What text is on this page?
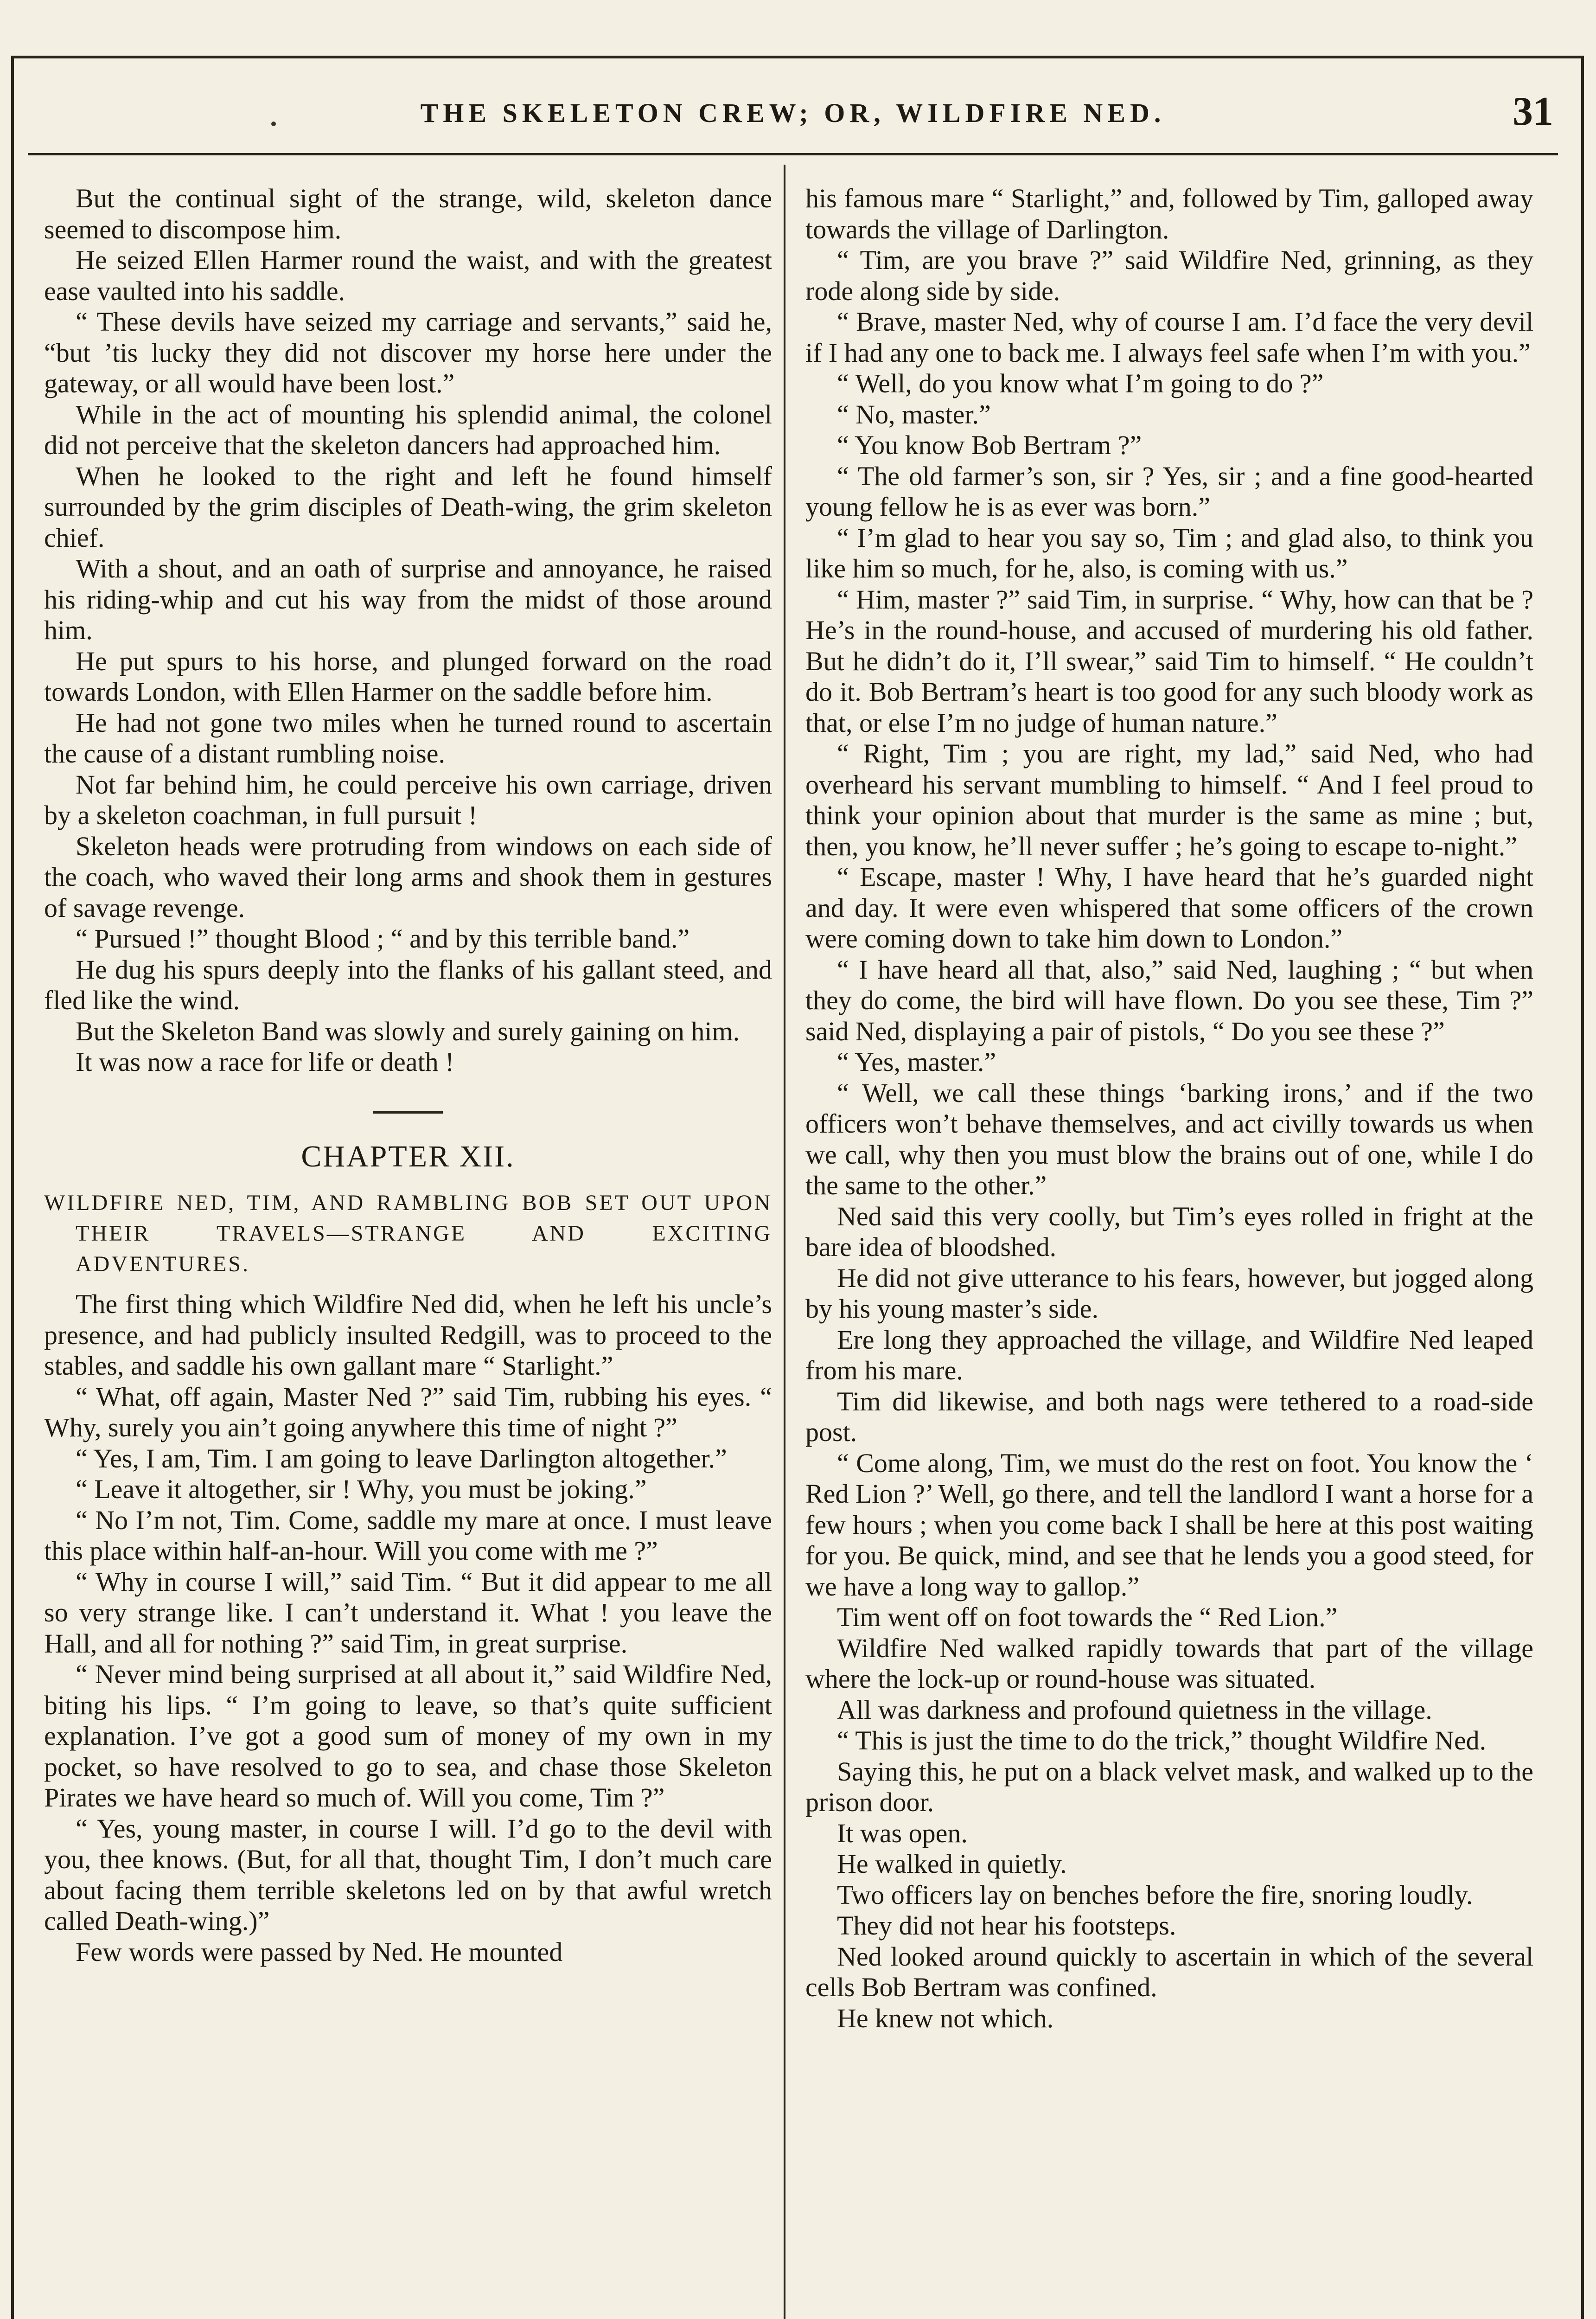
THE SKELETON CREW; OR, WILDFIRE NED.	31

But the continual sight of the strange, wild, skeleton dance seemed to discompose him.

He seized Ellen Harmer round the waist, and with the greatest ease vaulted into his saddle.

“ These devils have seized my carriage and servants,” said he, “but ’tis lucky they did not discover my horse here under the gateway, or all would have been lost.”

While in the act of mounting his splendid animal, the colonel did not perceive that the skeleton dancers had approached him.

When he looked to the right and left he found himself surrounded by the grim disciples of Death-wing, the grim skeleton chief.

With a shout, and an oath of surprise and annoyance, he raised his riding-whip and cut his way from the midst of those around him.

He put spurs to his horse, and plunged forward on the road towards London, with Ellen Harmer on the saddle before him.

He had not gone two miles when he turned round to ascertain the cause of a distant rumbling noise.

Not far behind him, he could perceive his own carriage, driven by a skeleton coachman, in full pursuit !

Skeleton heads were protruding from windows on each side of the coach, who waved their long arms and shook them in gestures of savage revenge.

“ Pursued !” thought Blood ; “ and by this terrible band.”

He dug his spurs deeply into the flanks of his gallant steed, and fled like the wind.

But the Skeleton Band was slowly and surely gaining on him.

It was now a race for life or death !

CHAPTER XII.
WILDFIRE NED, TIM, AND RAMBLING BOB SET OUT UPON THEIR TRAVELS—STRANGE AND EXCITING ADVENTURES.

The first thing which Wildfire Ned did, when he left his uncle’s presence, and had publicly insulted Redgill, was to proceed to the stables, and saddle his own gallant mare “ Starlight.”

“ What, off again, Master Ned ?” said Tim, rubbing his eyes. “ Why, surely you ain’t going anywhere this time of night ?”

“ Yes, I am, Tim. I am going to leave Darlington altogether.”

“ Leave it altogether, sir ! Why, you must be joking.”

“ No I’m not, Tim. Come, saddle my mare at once. I must leave this place within half-an-hour. Will you come with me ?”

“ Why in course I will,” said Tim. “ But it did appear to me all so very strange like. I can’t understand it. What ! you leave the Hall, and all for nothing ?” said Tim, in great surprise.

“ Never mind being surprised at all about it,” said Wildfire Ned, biting his lips. “ I’m going to leave, so that’s quite sufficient explanation. I’ve got a good sum of money of my own in my pocket, so have resolved to go to sea, and chase those Skeleton Pirates we have heard so much of. Will you come, Tim ?”

“ Yes, young master, in course I will. I’d go to the devil with you, thee knows. (But, for all that, thought Tim, I don’t much care about facing them terrible skeletons led on by that awful wretch called Death-wing.)”

Few words were passed by Ned. He mounted

his famous mare “ Starlight,” and, followed by Tim, galloped away towards the village of Darlington.

“ Tim, are you brave ?” said Wildfire Ned, grinning, as they rode along side by side.

“ Brave, master Ned, why of course I am. I’d face the very devil if I had any one to back me. I always feel safe when I’m with you.”

“ Well, do you know what I’m going to do ?”

“ No, master.”

“ You know Bob Bertram ?”

“ The old farmer’s son, sir ? Yes, sir ; and a fine good-hearted young fellow he is as ever was born.”

“ I’m glad to hear you say so, Tim ; and glad also, to think you like him so much, for he, also, is coming with us.”

“ Him, master ?” said Tim, in surprise. “ Why, how can that be ? He’s in the round-house, and accused of murdering his old father. But he didn’t do it, I’ll swear,” said Tim to himself. “ He couldn’t do it. Bob Bertram’s heart is too good for any such bloody work as that, or else I’m no judge of human nature.”

“ Right, Tim ; you are right, my lad,” said Ned, who had overheard his servant mumbling to himself. “ And I feel proud to think your opinion about that murder is the same as mine ; but, then, you know, he’ll never suffer ; he’s going to escape to-night.”

“ Escape, master ! Why, I have heard that he’s guarded night and day. It were even whispered that some officers of the crown were coming down to take him down to London.”

“ I have heard all that, also,” said Ned, laughing ; “ but when they do come, the bird will have flown. Do you see these, Tim ?” said Ned, displaying a pair of pistols, “ Do you see these ?”

“ Yes, master.”

“ Well, we call these things ‘barking irons,’ and if the two officers won’t behave themselves, and act civilly towards us when we call, why then you must blow the brains out of one, while I do the same to the other.”

Ned said this very coolly, but Tim’s eyes rolled in fright at the bare idea of bloodshed.

He did not give utterance to his fears, however, but jogged along by his young master’s side.

Ere long they approached the village, and Wildfire Ned leaped from his mare.

Tim did likewise, and both nags were tethered to a road-side post.

“ Come along, Tim, we must do the rest on foot. You know the ‘ Red Lion ?’ Well, go there, and tell the landlord I want a horse for a few hours ; when you come back I shall be here at this post waiting for you. Be quick, mind, and see that he lends you a good steed, for we have a long way to gallop.”

Tim went off on foot towards the “ Red Lion.”

Wildfire Ned walked rapidly towards that part of the village where the lock-up or round-house was situated.

All was darkness and profound quietness in the village.

“ This is just the time to do the trick,” thought Wildfire Ned.

Saying this, he put on a black velvet mask, and walked up to the prison door.

It was open.

He walked in quietly.

Two officers lay on benches before the fire, snoring loudly.

They did not hear his footsteps.

Ned looked around quickly to ascertain in which of the several cells Bob Bertram was confined.

He knew not which.
